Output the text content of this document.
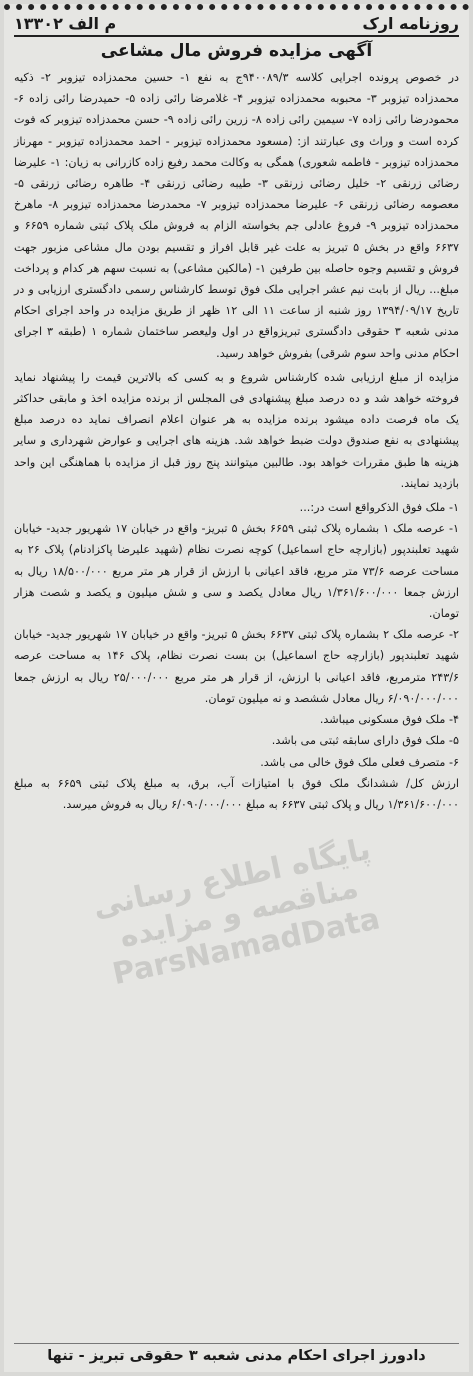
روزنامه ارک
م الف ۱۳۳۰۲
آگهی مزایده فروش مال مشاعی

در خصوص پرونده اجرایی کلاسه ۹۴۰۰۸۹/۳ج به نفع ۱- حسین محمدزاده تیزوبر ۲- ذکیه محمدزاده تیزوبر ۳- محبوبه محمدزاده تیزوبر ۴- غلامرضا رائی زاده ۵- حمیدرضا رائی زاده ۶- محمودرضا رائی زاده ۷- سیمین رائی زاده ۸- زرین رائی زاده ۹- حسن محمدزاده تیزوبر که فوت کرده است و وراث وی عبارتند از: (مسعود محمدزاده تیزوبر - احمد محمدزاده تیزوبر - مهرناز محمدزاده تیزوبر - فاطمه شعوری) همگی به وکالت محمد رفیع زاده کازرانی به زیان: ۱- علیرضا رضائی زرنقی ۲- خلیل رضائی زرنقی ۳- طیبه رضائی زرنقی ۴- طاهره رضائی زرنقی ۵- معصومه رضائی زرنقی ۶- علیرضا محمدزاده تیزوبر ۷- محمدرضا محمدزاده تیزوبر ۸- ماهرخ محمدزاده تیزوبر ۹- فروغ عادلی جم بخواسته الزام به فروش ملک پلاک ثبتی شماره ۶۶۵۹ و ۶۶۳۷ واقع در بخش ۵ تبریز به علت غیر قابل افراز و تقسیم بودن مال مشاعی مزبور جهت فروش و تقسیم وجوه حاصله بین طرفین ۱- (مالکین مشاعی) به نسبت سهم هر کدام و پرداخت مبلغ... ریال از بابت نیم عشر اجرایی ملک فوق توسط کارشناس رسمی دادگستری ارزیابی و در تاریخ ۱۳۹۴/۰۹/۱۷ روز شنبه از ساعت ۱۱ الی ۱۲ ظهر از طریق مزایده در واحد اجرای احکام مدنی شعبه ۳ حقوقی دادگستری تبریزواقع در اول ولیعصر ساختمان شماره ۱ (طبقه ۳ اجرای احکام مدنی واحد سوم شرقی) بفروش خواهد رسید.

مزایده از مبلغ ارزیابی شده کارشناس شروع و به کسی که بالاترین قیمت را پیشنهاد نماید فروخته خواهد شد و ده درصد مبلغ پیشنهادی فی المجلس از برنده مزایده اخذ و مابقی حداکثر یک ماه فرصت داده میشود برنده مزایده به هر عنوان اعلام انصراف نماید ده درصد مبلغ پیشنهادی به نفع صندوق دولت ضبط خواهد شد. هزینه های اجرایی و عوارض شهرداری و سایر هزینه ها طبق مقررات خواهد بود. طالبین میتوانند پنج روز قبل از مزایده با هماهنگی این واحد بازدید نمایند.

۱- ملک فوق الذکرواقع است در:...

۱- عرصه ملک ۱ بشماره پلاک ثبتی ۶۶۵۹ بخش ۵ تبریز- واقع در خیابان ۱۷ شهریور جدید- خیابان شهید تعلبندپور (بازارچه حاج اسماعیل) کوچه نصرت نظام (شهید علیرضا پاکزادنام) پلاک ۲۶ به مساحت عرصه ۷۳/۶ متر مربع، فاقد اعیانی با ارزش از قرار هر متر مربع ۱۸/۵۰۰/۰۰۰ ریال به ارزش جمعا ۱/۳۶۱/۶۰۰/۰۰۰ ریال معادل یکصد و سی و شش میلیون و یکصد و شصت هزار تومان.

۲- عرصه ملک ۲ بشماره پلاک ثبتی ۶۶۳۷ بخش ۵ تبریز- واقع در خیابان ۱۷ شهریور جدید- خیابان شهید تعلبندپور (بازارچه حاج اسماعیل) بن بست نصرت نظام، پلاک ۱۴۶ به مساحت عرصه ۲۴۳/۶ مترمربع، فاقد اعیانی با ارزش، از قرار هر متر مربع ۲۵/۰۰۰/۰۰۰ ریال به ارزش جمعا ۶/۰۹۰/۰۰۰/۰۰۰ ریال معادل ششصد و نه میلیون تومان.

۴- ملک فوق مسکونی میباشد.

۵- ملک فوق دارای سابقه ثبتی می باشد.

۶- متصرف فعلی ملک فوق خالی می باشد.

ارزش کل/ ششدانگ ملک فوق با امتیازات آب، برق، به مبلغ پلاک ثبتی ۶۶۵۹ به مبلغ ۱/۳۶۱/۶۰۰/۰۰۰ ریال و پلاک ثبتی ۶۶۳۷ به مبلغ ۶/۰۹۰/۰۰۰/۰۰۰ ریال به فروش میرسد.

پایگاه اطلاع رسانی مناقصه و مزایده ParsNamadData
دادورز اجرای احکام مدنی شعبه ۳ حقوقی تبریز - تنها
